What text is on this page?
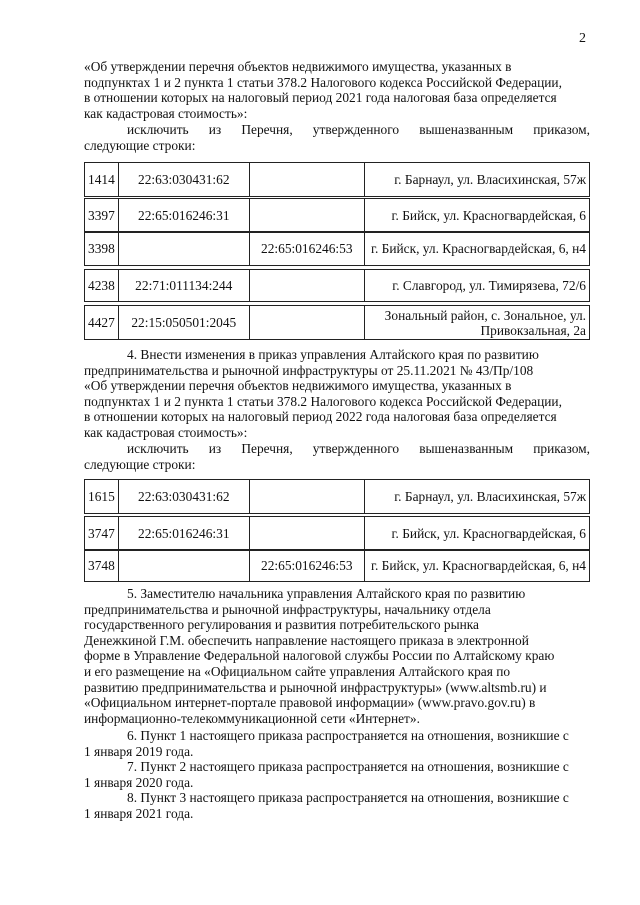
2

«Об утверждении перечня объектов недвижимого имущества, указанных в

подпунктах 1 и 2 пункта 1 статьи 378.2 Налогового кодекса Российской Федерации,

в отношении которых на налоговый период 2021 года налоговая база определяется

как кадастровая стоимость»:

исключить из Перечня, утвержденного вышеназванным приказом,
следующие строки:
1414	22:63:030431:62		г. Барнаул, ул. Власихинская, 57ж
3397	22:65:016246:31		г. Бийск, ул. Красногвардейская, 6
3398		22:65:016246:53	г. Бийск, ул. Красногвардейская, 6, н4
4238	22:71:011134:244		г. Славгород, ул. Тимирязева, 72/6
4427	22:15:050501:2045		Зональный район, с. Зональное, ул. Привокзальная, 2а

4. Внести изменения в приказ управления Алтайского края по развитию

предпринимательства и рыночной инфраструктуры от 25.11.2021 № 43/Пр/108

«Об утверждении перечня объектов недвижимого имущества, указанных в

подпунктах 1 и 2 пункта 1 статьи 378.2 Налогового кодекса Российской Федерации,

в отношении которых на налоговый период 2022 года налоговая база определяется

как кадастровая стоимость»:

исключить из Перечня, утвержденного вышеназванным приказом,
следующие строки:
1615	22:63:030431:62		г. Барнаул, ул. Власихинская, 57ж
3747	22:65:016246:31		г. Бийск, ул. Красногвардейская, 6
3748		22:65:016246:53	г. Бийск, ул. Красногвардейская, 6, н4

5. Заместителю начальника управления Алтайского края по развитию

предпринимательства и рыночной инфраструктуры, начальнику отдела

государственного регулирования и развития потребительского рынка

Денежкиной Г.М. обеспечить направление настоящего приказа в электронной

форме в Управление Федеральной налоговой службы России по Алтайскому краю

и его размещение на «Официальном сайте управления Алтайского края по

развитию предпринимательства и рыночной инфраструктуры» (www.altsmb.ru) и

«Официальном интернет-портале правовой информации» (www.pravo.gov.ru) в

информационно-телекоммуникационной сети «Интернет».

6. Пункт 1 настоящего приказа распространяется на отношения, возникшие с

1 января 2019 года.

7. Пункт 2 настоящего приказа распространяется на отношения, возникшие с

1 января 2020 года.

8. Пункт 3 настоящего приказа распространяется на отношения, возникшие с

1 января 2021 года.
